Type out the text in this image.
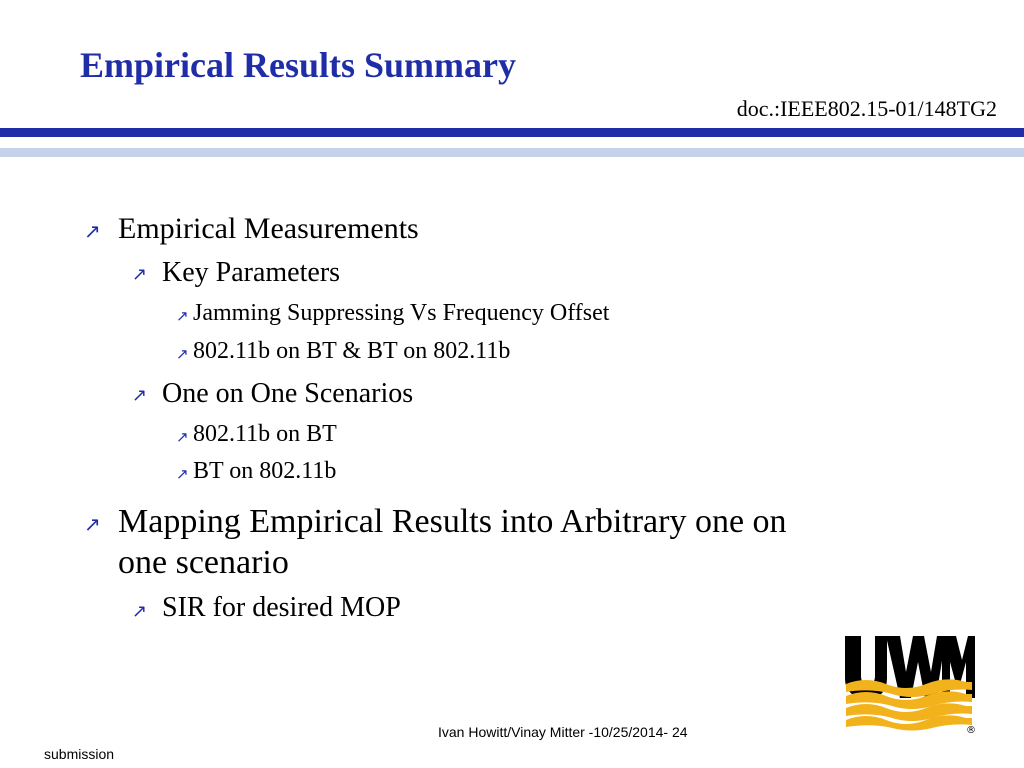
Empirical Results Summary
doc.:IEEE802.15-01/148TG2
↗ Empirical Measurements
↗ Key Parameters
↗ Jamming Suppressing Vs Frequency Offset
↗ 802.11b on BT & BT on 802.11b
↗ One on One Scenarios
↗ 802.11b on BT
↗ BT on 802.11b
↗ Mapping Empirical Results into Arbitrary one on one scenario
↗ SIR for desired MOP
®
Ivan Howitt/Vinay Mitter -10/25/2014- 24
submission
